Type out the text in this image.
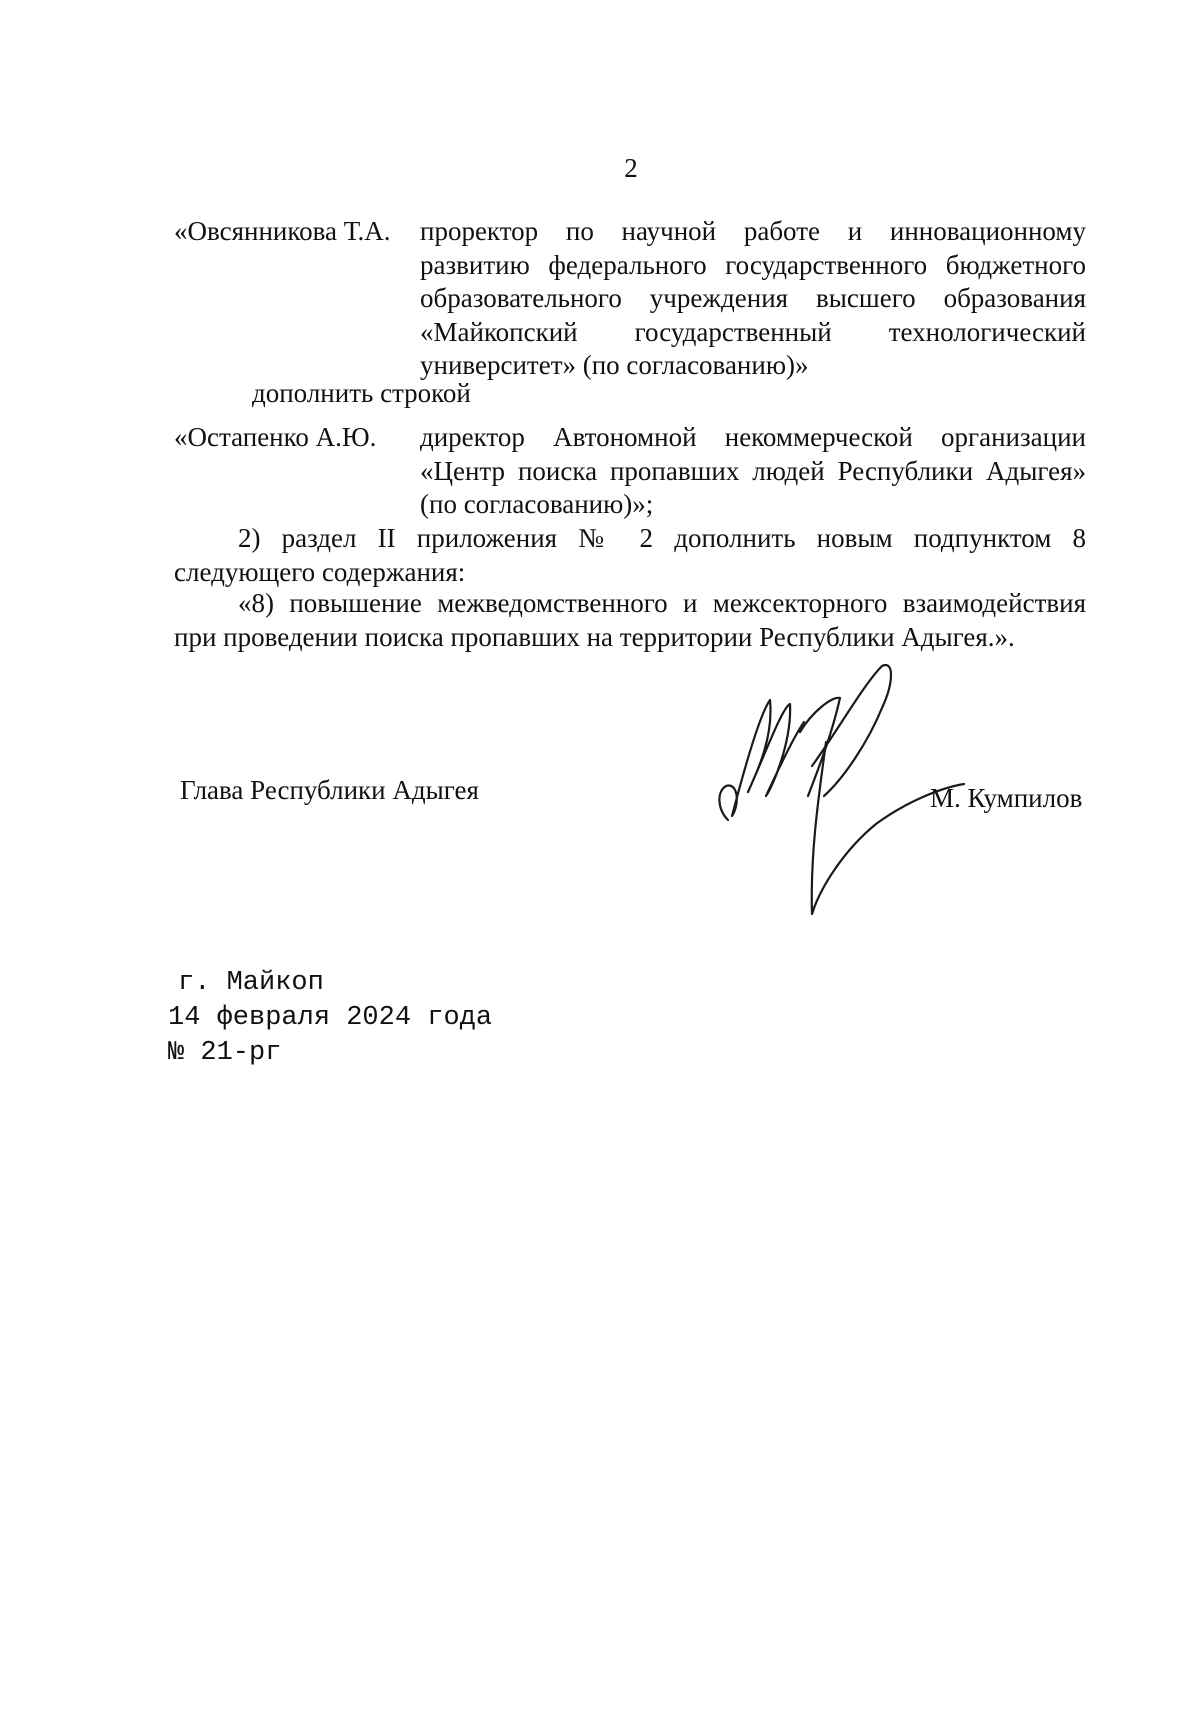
2
«Овсянникова Т.А. проректор по научной работе и инновационному развитию федерального государственного бюджетного образовательного учреждения высшего образования «Майкопский государственный технологический университет» (по согласованию)»
дополнить строкой
«Остапенко А.Ю. директор Автономной некоммерческой организации «Центр поиска пропавших людей Республики Адыгея» (по согласованию)»;
2) раздел II приложения № 2 дополнить новым подпунктом 8 следующего содержания:
«8) повышение межведомственного и межсекторного взаимодействия при проведении поиска пропавших на территории Республики Адыгея.».
Глава Республики Адыгея	М. Кумпилов
г. Майкоп
14 февраля 2024 года
№ 21-рг
